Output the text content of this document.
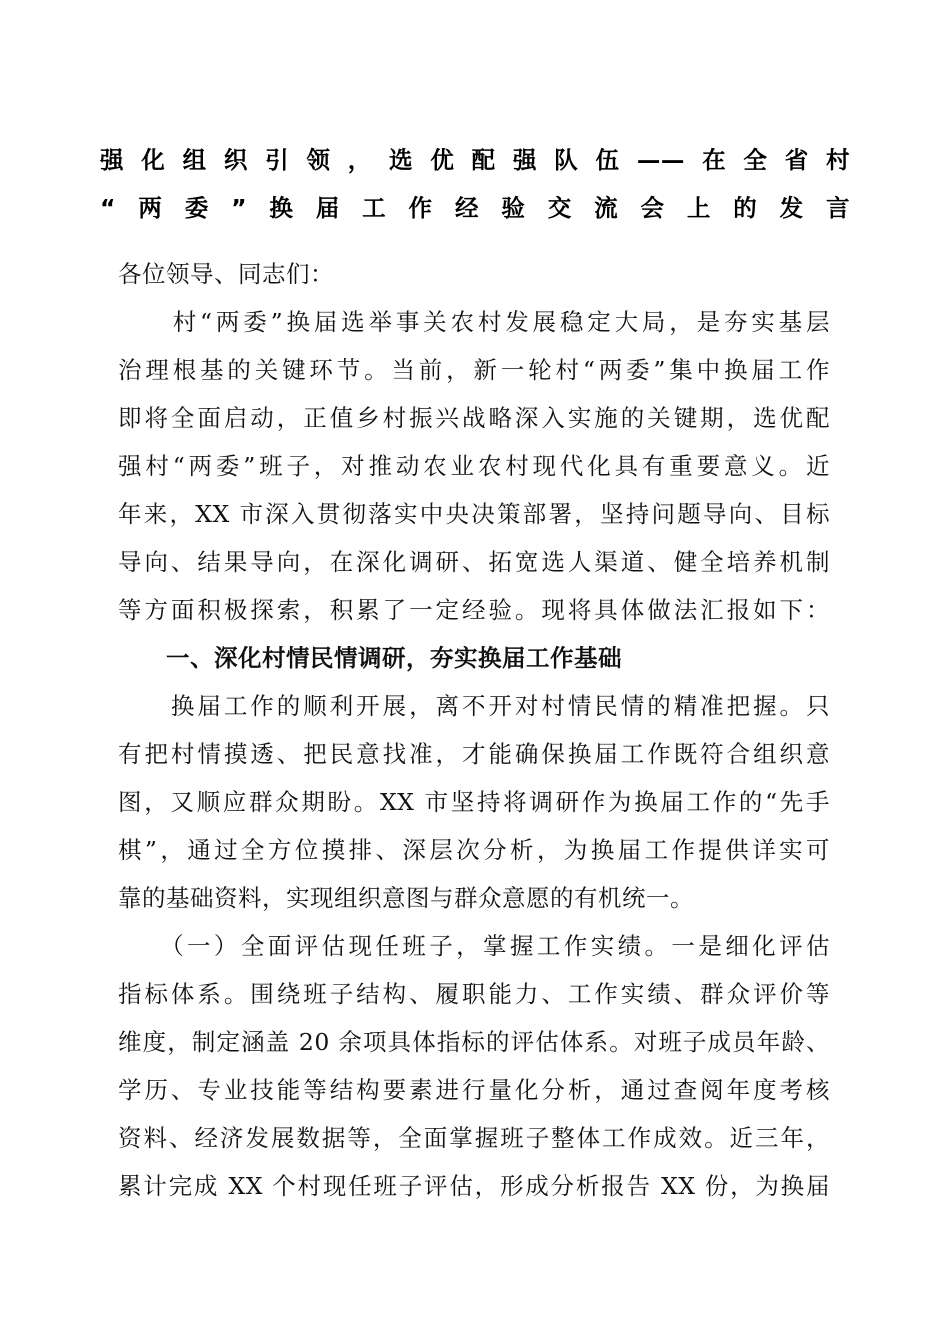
强化组织引领，选优配强队伍——在全省村
“两委”换届工作经验交流会上的发言
各位领导、同志们：
　　村“两委”换届选举事关农村发展稳定大局，是夯实基层
治理根基的关键环节。当前，新一轮村“两委”集中换届工作
即将全面启动，正值乡村振兴战略深入实施的关键期，选优配
强村“两委”班子，对推动农业农村现代化具有重要意义。近
年来，XX 市深入贯彻落实中央决策部署，坚持问题导向、目标
导向、结果导向，在深化调研、拓宽选人渠道、健全培养机制
等方面积极探索，积累了一定经验。现将具体做法汇报如下：
　　一、深化村情民情调研，夯实换届工作基础
　　换届工作的顺利开展，离不开对村情民情的精准把握。只
有把村情摸透、把民意找准，才能确保换届工作既符合组织意
图，又顺应群众期盼。XX 市坚持将调研作为换届工作的“先手
棋”，通过全方位摸排、深层次分析，为换届工作提供详实可
靠的基础资料，实现组织意图与群众意愿的有机统一。
　　（一）全面评估现任班子，掌握工作实绩。一是细化评估
指标体系。围绕班子结构、履职能力、工作实绩、群众评价等
维度，制定涵盖 20 余项具体指标的评估体系。对班子成员年龄、
学历、专业技能等结构要素进行量化分析，通过查阅年度考核
资料、经济发展数据等，全面掌握班子整体工作成效。近三年，
累计完成 XX 个村现任班子评估，形成分析报告 XX 份，为换届
